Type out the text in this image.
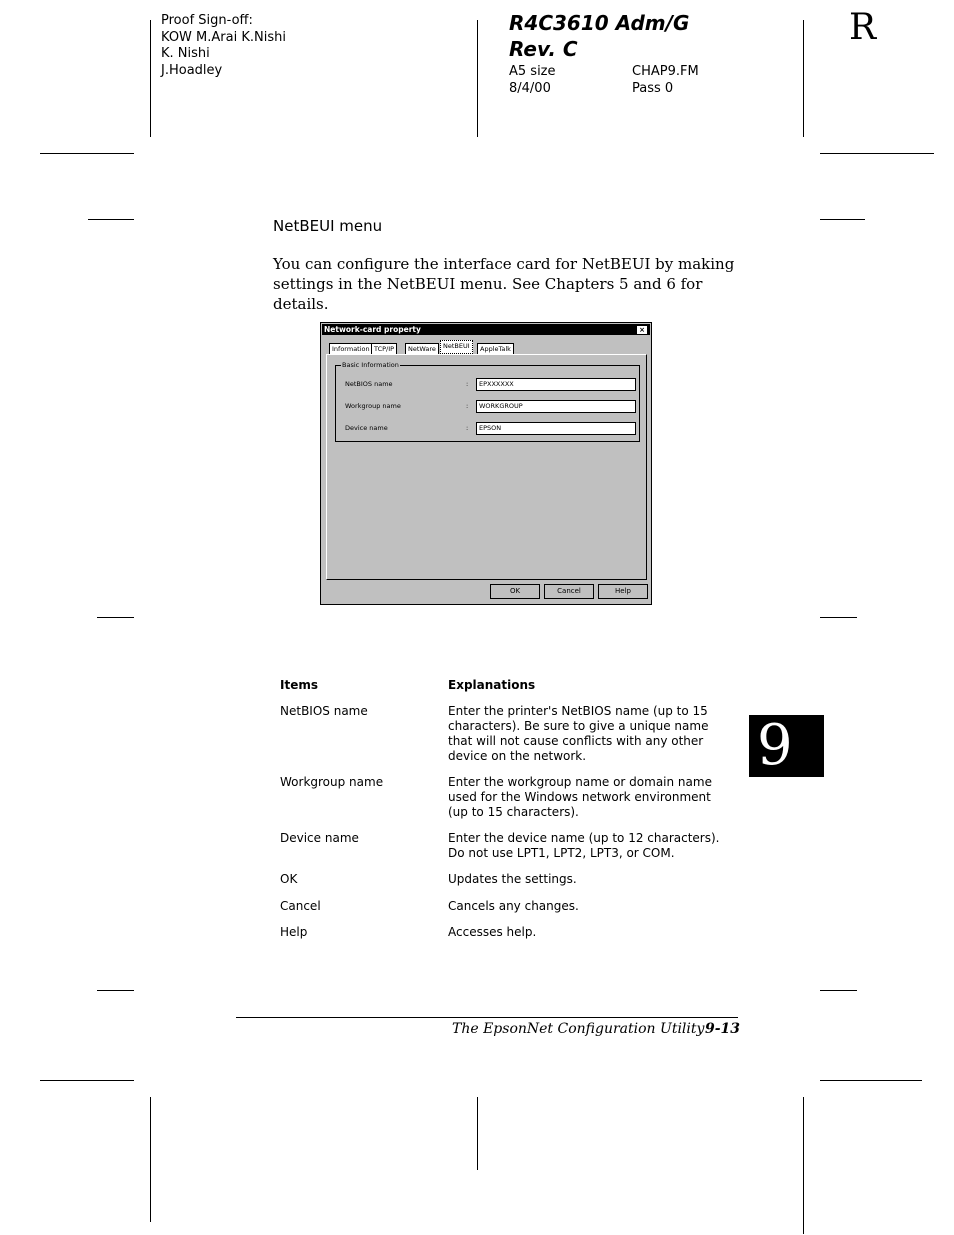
Proof Sign-off:
KOW M.Arai K.Nishi
K. Nishi
J.Hoadley
R4C3610 Adm/G
Rev. C
A5 size
8/4/00
CHAP9.FM
Pass 0
R
9
NetBEUI menu
You can configure the interface card for NetBEUI by making settings in the NetBEUI menu. See Chapters 5 and 6 for details.
Network-card property	×
Information TCP/IP	NetWare	NetBEUI	AppleTalk
Basic Information
NetBIOS name	:	EPXXXXXX
Workgroup name	:	WORKGROUP
Device name	:	EPSON
OK	Cancel	Help
Items	Explanations
NetBIOS name	Enter the printer's NetBIOS name (up to 15
characters). Be sure to give a unique name
that will not cause conflicts with any other
device on the network.
Workgroup name	Enter the workgroup name or domain name
used for the Windows network environment
(up to 15 characters).
Device name	Enter the device name (up to 12 characters).
Do not use LPT1, LPT2, LPT3, or COM.
OK	Updates the settings.
Cancel	Cancels any changes.
Help	Accesses help.
The EpsonNet Configuration Utility 9-13
